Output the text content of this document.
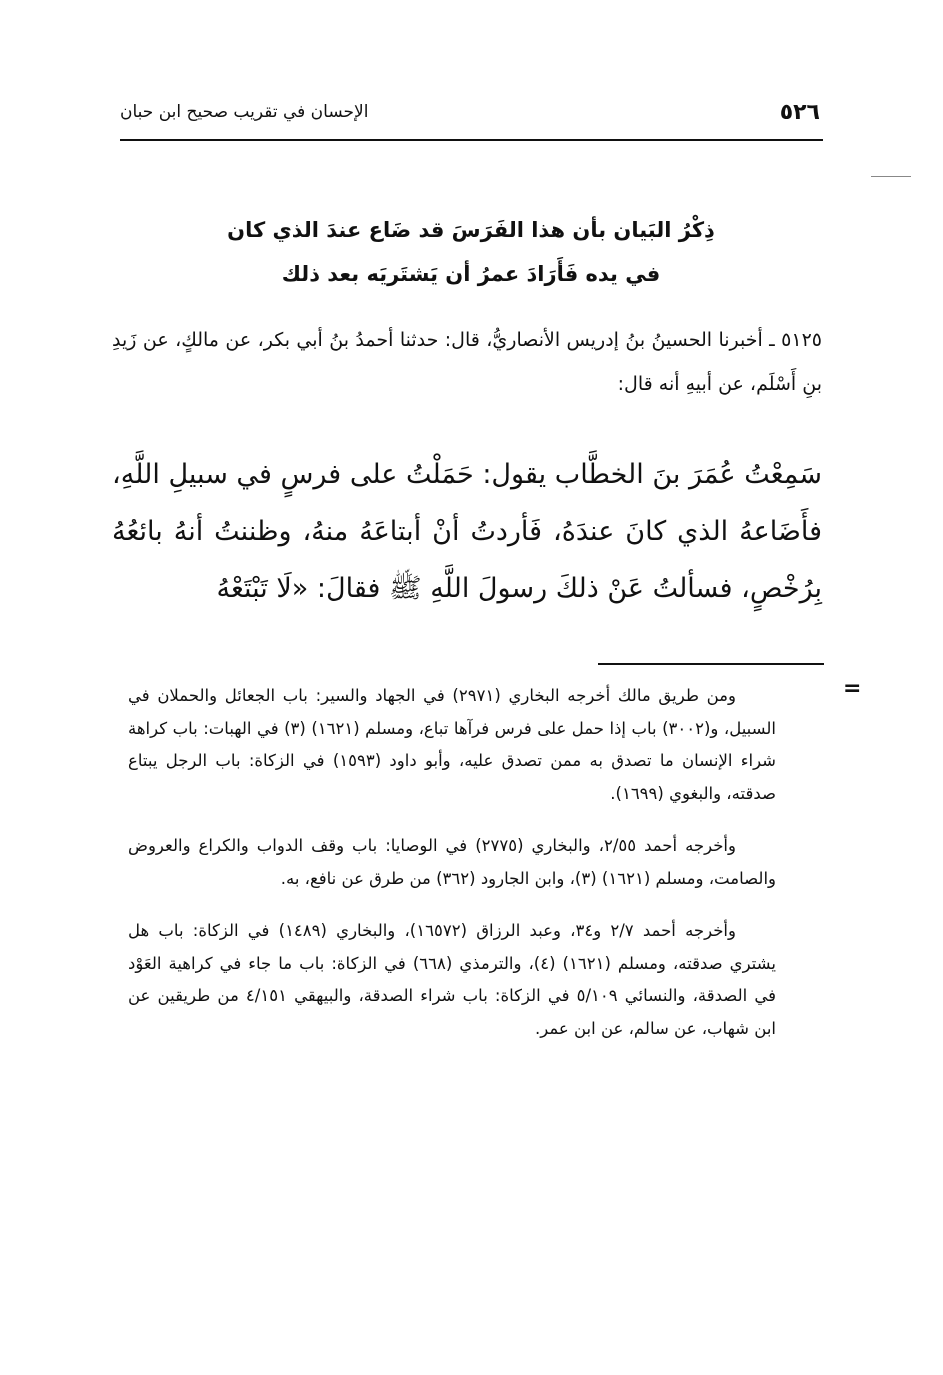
الإحسان في تقريب صحيح ابن حبان	٥٢٦
ذِكْرُ البَيان بأن هذا الفَرَسَ قد ضَاع عندَ الذي كان
في يده فَأَرَادَ عمرُ أن يَشتَريَه بعد ذلك

٥١٢٥ ـ أخبرنا الحسينُ بنُ إدريس الأنصاريُّ، قال: حدثنا أحمدُ بنُ أبي بكر، عن مالكٍ، عن زَيدِ بنِ أَسْلَم، عن أبيهِ أنه قال:

سَمِعْتُ عُمَرَ بنَ الخطَّاب يقول: حَمَلْتُ على فرسٍ في سبيلِ اللَّهِ، فأَضَاعهُ الذي كانَ عندَهُ، فَأردتُ أنْ أبتاعَهُ منهُ، وظننتُ أنهُ بائعُهُ بِرُخْصٍ، فسألتُ عَنْ ذلكَ رسولَ اللَّهِ ﷺ فقالَ: «لَا تَبْتَعْهُ

=

ومن طريق مالك أخرجه البخاري (٢٩٧١) في الجهاد والسير: باب الجعائل والحملان في السبيل، و(٣٠٠٢) باب إذا حمل على فرس فرآها تباع، ومسلم (١٦٢١) (٣) في الهبات: باب كراهة شراء الإنسان ما تصدق به ممن تصدق عليه، وأبو داود (١٥٩٣) في الزكاة: باب الرجل يبتاع صدقته، والبغوي (١٦٩٩).

وأخرجه أحمد ٢/٥٥، والبخاري (٢٧٧٥) في الوصايا: باب وقف الدواب والكراع والعروض والصامت، ومسلم (١٦٢١) (٣)، وابن الجارود (٣٦٢) من طرق عن نافع، به.

وأخرجه أحمد ٢/٧ و٣٤، وعبد الرزاق (١٦٥٧٢)، والبخاري (١٤٨٩) في الزكاة: باب هل يشتري صدقته، ومسلم (١٦٢١) (٤)، والترمذي (٦٦٨) في الزكاة: باب ما جاء في كراهية العَوْد في الصدقة، والنسائي ٥/١٠٩ في الزكاة: باب شراء الصدقة، والبيهقي ٤/١٥١ من طريقين عن ابن شهاب، عن سالم، عن ابن عمر.
